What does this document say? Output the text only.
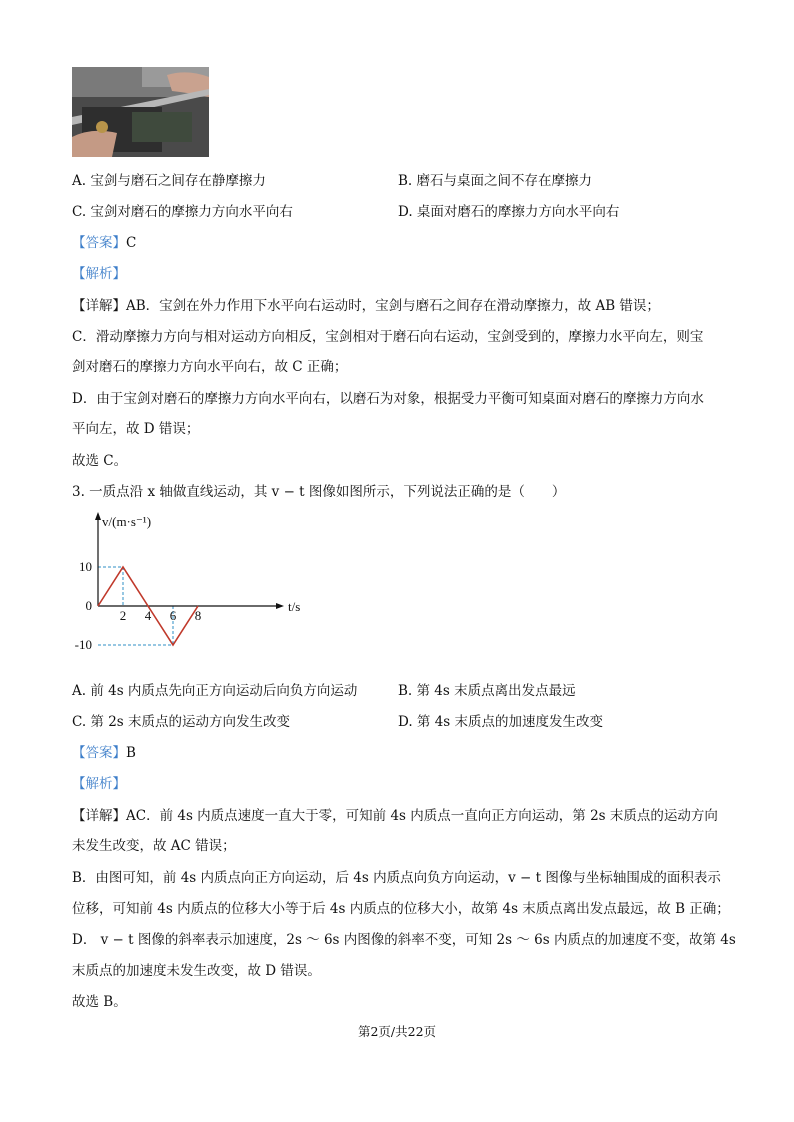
A. 宝剑与磨石之间存在静摩擦力	B. 磨石与桌面之间不存在摩擦力
C. 宝剑对磨石的摩擦力方向水平向右	D. 桌面对磨石的摩擦力方向水平向右
【答案】C
【解析】
【详解】AB．宝剑在外力作用下水平向右运动时，宝剑与磨石之间存在滑动摩擦力，故 AB 错误；
C．滑动摩擦力方向与相对运动方向相反，宝剑相对于磨石向右运动，宝剑受到的，摩擦力水平向左，则宝
剑对磨石的摩擦力方向水平向右，故 C 正确；
D．由于宝剑对磨石的摩擦力方向水平向右，以磨石为对象，根据受力平衡可知桌面对磨石的摩擦力方向水
平向左，故 D 错误；
故选 C。
3. 一质点沿 x 轴做直线运动，其 v − t 图像如图所示，下列说法正确的是（　　）
2 4 6 8
10
0
-10
v/(m·s⁻¹)
t/s
A. 前 4s 内质点先向正方向运动后向负方向运动	B. 第 4s 末质点离出发点最远
C. 第 2s 末质点的运动方向发生改变	D. 第 4s 末质点的加速度发生改变
【答案】B
【解析】
【详解】AC．前 4s 内质点速度一直大于零，可知前 4s 内质点一直向正方向运动，第 2s 末质点的运动方向
未发生改变，故 AC 错误；
B．由图可知，前 4s 内质点向正方向运动，后 4s 内质点向负方向运动，v − t 图像与坐标轴围成的面积表示
位移，可知前 4s 内质点的位移大小等于后 4s 内质点的位移大小，故第 4s 末质点离出发点最远，故 B 正确；
D． v − t 图像的斜率表示加速度，2s ～ 6s 内图像的斜率不变，可知 2s ～ 6s 内质点的加速度不变，故第 4s
末质点的加速度未发生改变，故 D 错误。
故选 B。
第2页/共22页
